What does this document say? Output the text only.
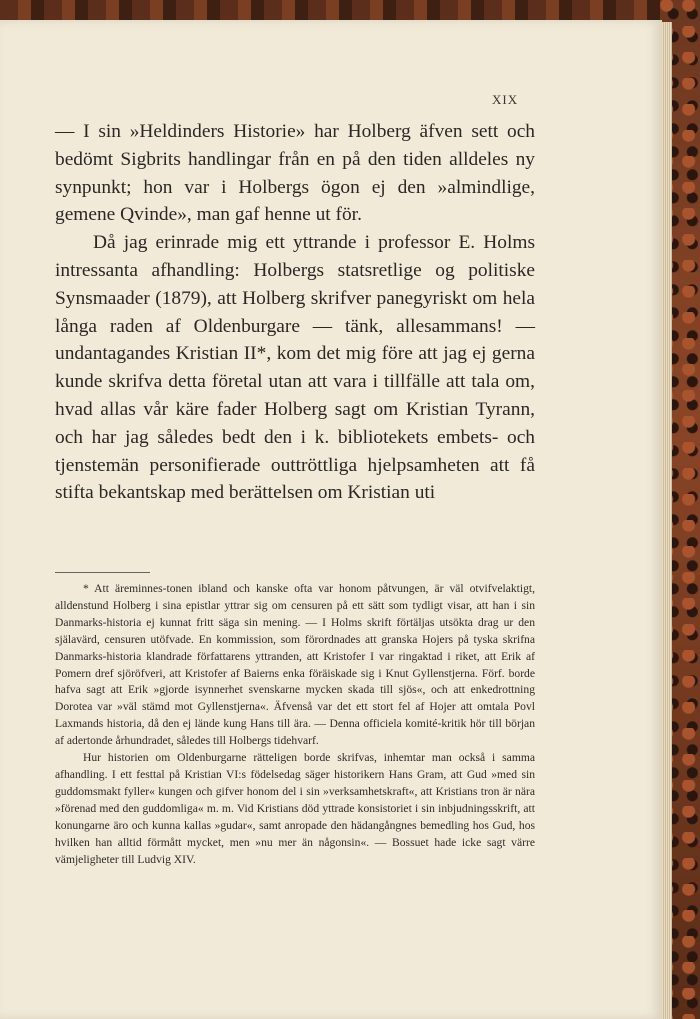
XIX

— I sin »Heldinders Historie» har Holberg äfven sett och bedömt Sigbrits handlingar från en på den tiden alldeles ny synpunkt; hon var i Holbergs ögon ej den »almindlige, gemene Qvinde», man gaf henne ut för.

Då jag erinrade mig ett yttrande i professor E. Holms intressanta afhandling: Holbergs statsretlige og politiske Synsmaader (1879), att Holberg skrifver panegyriskt om hela långa raden af Oldenburgare — tänk, allesammans! — undantagandes Kristian II*, kom det mig före att jag ej gerna kunde skrifva detta företal utan att vara i tillfälle att tala om, hvad allas vår käre fader Holberg sagt om Kristian Tyrann, och har jag således bedt den i k. bibliotekets embets- och tjenstemän personifierade outtröttliga hjelpsamheten att få stifta bekantskap med berättelsen om Kristian uti

* Att äreminnes-tonen ibland och kanske ofta var honom påtvungen, är väl otvifvelaktigt, alldenstund Holberg i sina epistlar yttrar sig om censuren på ett sätt som tydligt visar, att han i sin Danmarks-historia ej kunnat fritt säga sin mening. — I Holms skrift förtäljas utsökta drag ur den själavärd, censuren utöfvade. En kommission, som förordnades att granska Hojers på tyska skrifna Danmarks-historia klandrade författarens yttranden, att Kristofer I var ringaktad i riket, att Erik af Pomern dref sjöröfveri, att Kristofer af Baierns enka föräiskade sig i Knut Gyllenstjerna. Förf. borde hafva sagt att Erik »gjorde isynnerhet svenskarne mycken skada till sjös«, och att enkedrottning Dorotea var »väl stämd mot Gyllenstjerna«. Äfvenså var det ett stort fel af Hojer att omtala Povl Laxmands historia, då den ej lände kung Hans till ära. — Denna officiela komité-kritik hör till början af adertonde århundradet, således till Holbergs tidehvarf.

Hur historien om Oldenburgarne rätteligen borde skrifvas, inhemtar man också i samma afhandling. I ett festtal på Kristian VI:s födelsedag säger historikern Hans Gram, att Gud »med sin guddomsmakt fyller« kungen och gifver honom del i sin »verksamhetskraft«, att Kristians tron är nära »förenad med den guddomliga« m. m. Vid Kristians död yttrade konsistoriet i sin inbjudningsskrift, att konungarne äro och kunna kallas »gudar«, samt anropade den hädangångnes bemedling hos Gud, hos hvilken han alltid förmått mycket, men »nu mer än någonsin«. — Bossuet hade icke sagt värre vämjeligheter till Ludvig XIV.
